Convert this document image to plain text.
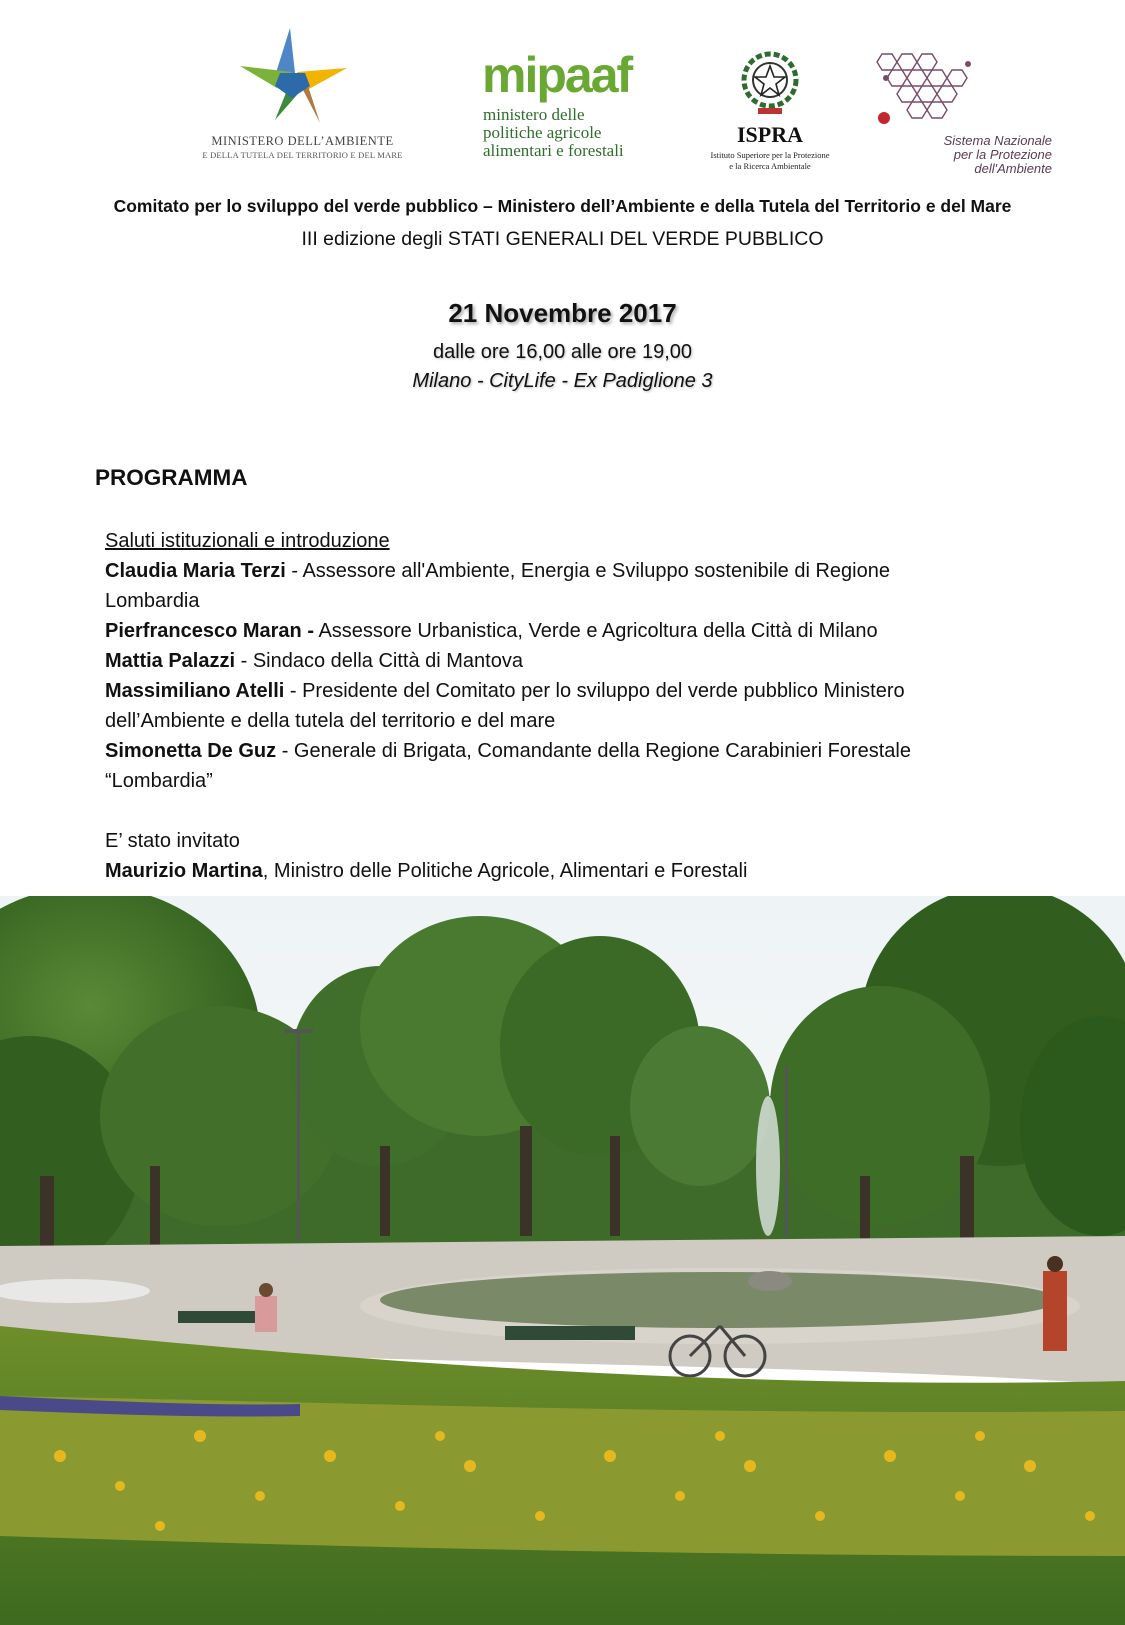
MINISTERO DELL’AMBIENTE
E DELLA TUTELA DEL TERRITORIO E DEL MARE
mipaaf
ministero delle
politiche agricole
alimentari e forestali
ISPRA
Istituto Superiore per la Protezione
e la Ricerca Ambientale
Sistema Nazionale
per la Protezione
dell'Ambiente
Comitato per lo sviluppo del verde pubblico – Ministero dell’Ambiente e della Tutela del Territorio e del Mare
III edizione degli STATI GENERALI DEL VERDE PUBBLICO
21 Novembre 2017
dalle ore 16,00 alle ore 19,00
Milano - CityLife - Ex Padiglione 3
PROGRAMMA
Saluti istituzionali e introduzione
Claudia Maria Terzi - Assessore all'Ambiente, Energia e Sviluppo sostenibile di Regione
Lombardia
Pierfrancesco Maran - Assessore Urbanistica, Verde e Agricoltura della Città di Milano
Mattia Palazzi - Sindaco della Città di Mantova
Massimiliano Atelli - Presidente del Comitato per lo sviluppo del verde pubblico Ministero
dell’Ambiente e della tutela del territorio e del mare
Simonetta De Guz - Generale di Brigata, Comandante della Regione Carabinieri Forestale
“Lombardia”
E’ stato invitato
Maurizio Martina, Ministro delle Politiche Agricole, Alimentari e Forestali
